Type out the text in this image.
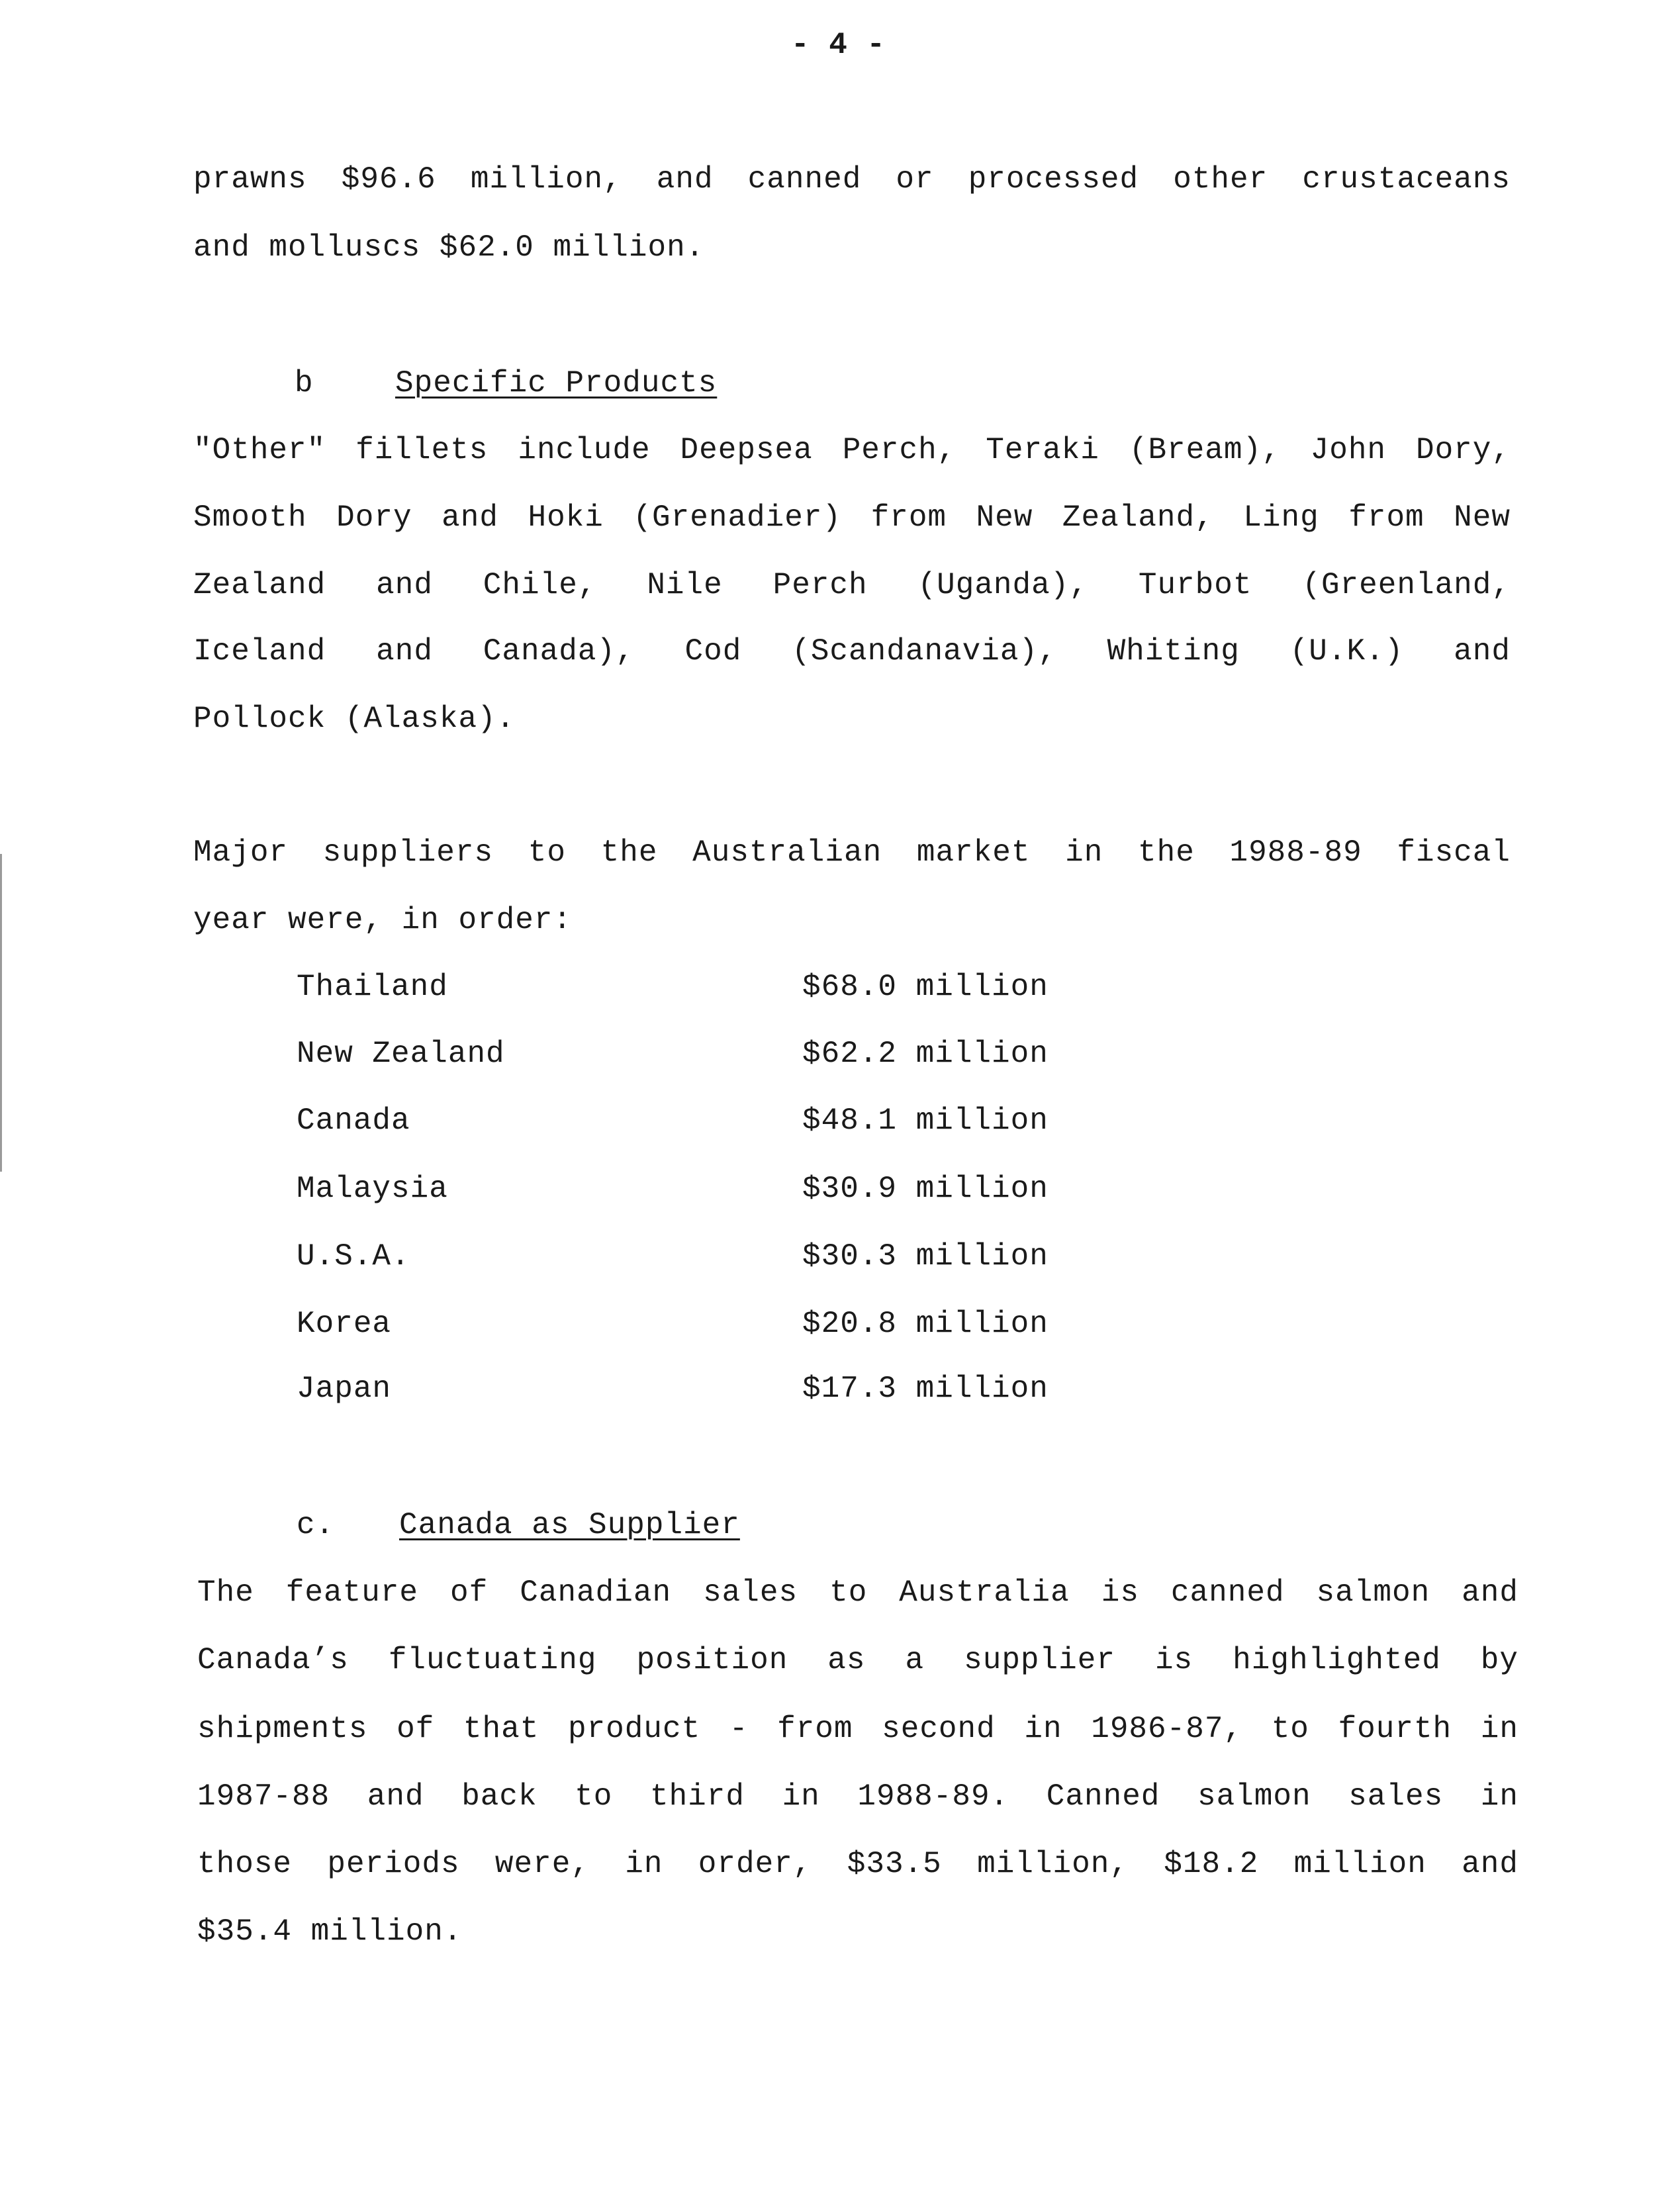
- 4 -
prawns $96.6 million, and canned or processed other crustaceans
and molluscs $62.0 million.
b	Specific Products
"Other" fillets include Deepsea Perch, Teraki (Bream), John Dory,
Smooth Dory and Hoki (Grenadier) from New Zealand, Ling from New
Zealand and Chile, Nile Perch (Uganda), Turbot (Greenland,
Iceland and Canada), Cod (Scandanavia), Whiting (U.K.) and
Pollock (Alaska).
Major suppliers to the Australian market in the 1988-89 fiscal
year were, in order:
Thailand	$68.0 million
New Zealand	$62.2 million
Canada	$48.1 million
Malaysia	$30.9 million
U.S.A.	$30.3 million
Korea	$20.8 million
Japan	$17.3 million
c. Canada as Supplier
The feature of Canadian sales to Australia is canned salmon and
Canada’s fluctuating position as a supplier is highlighted by
shipments of that product - from second in 1986-87, to fourth in
1987-88 and back to third in 1988-89. Canned salmon sales in
those periods were, in order, $33.5 million, $18.2 million and
$35.4 million.
